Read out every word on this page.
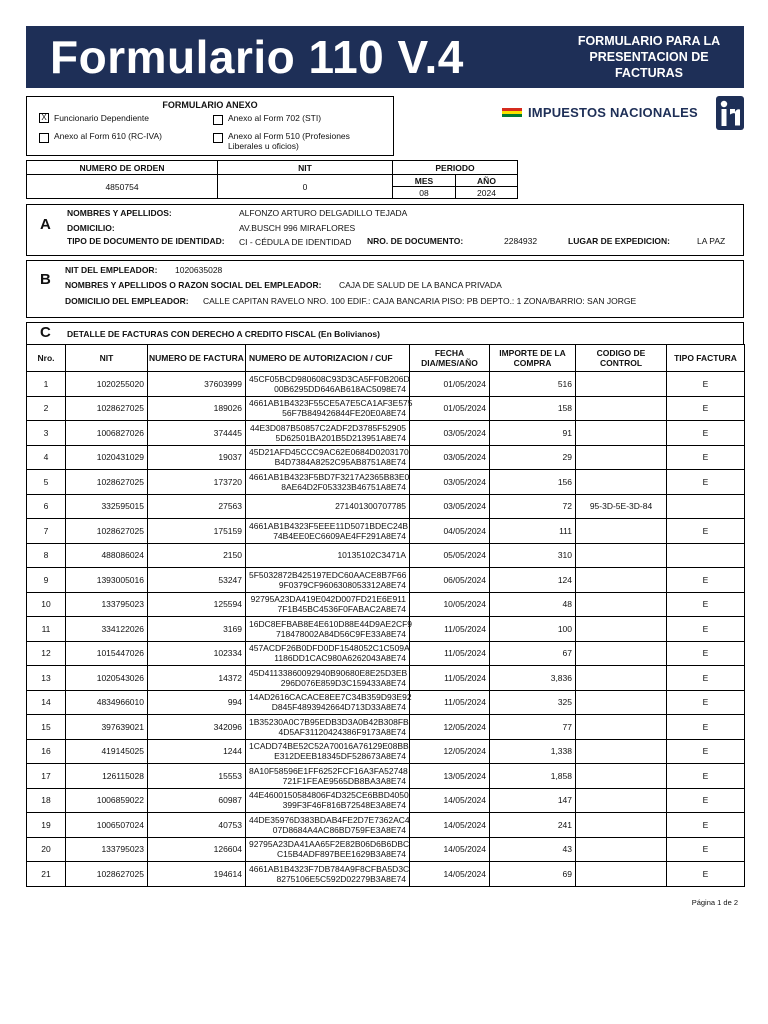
Formulario 110 V.4	FORMULARIO PARA LA PRESENTACION DE FACTURAS
FORMULARIO ANEXO
X Funcionario Dependiente	Anexo al Form 702 (STI)
Anexo al Form 610 (RC-IVA)	Anexo al Form 510 (Profesiones Liberales u oficios)
IMPUESTOS NACIONALES
NUMERO DE ORDEN	NIT	PERIODO	
4850754	0	MES	AÑO
		08	2024
A
NOMBRES Y APELLIDOS:	ALFONZO ARTURO DELGADILLO TEJADA
DOMICILIO:	AV.BUSCH 996 MIRAFLORES
TIPO DE DOCUMENTO DE IDENTIDAD: CI - CÉDULA DE IDENTIDAD NRO. DE DOCUMENTO:	2284932	LUGAR DE EXPEDICION:	LA PAZ
B
NIT DEL EMPLEADOR: 1020635028
NOMBRES Y APELLIDOS O RAZON SOCIAL DEL EMPLEADOR: CAJA DE SALUD DE LA BANCA PRIVADA
DOMICILIO DEL EMPLEADOR: CALLE CAPITAN RAVELO NRO. 100 EDIF.: CAJA BANCARIA PISO: PB DEPTO.: 1 ZONA/BARRIO: SAN JORGE
C DETALLE DE FACTURAS CON DERECHO A CREDITO FISCAL (En Bolivianos)
Nro.	NIT	NUMERO DE FACTURA	NUMERO DE AUTORIZACION / CUF	FECHA DIA/MES/AÑO	IMPORTE DE LA COMPRA	CODIGO DE CONTROL	TIPO FACTURA
1	1020255020	37603999	45CF05BCD980608C93D3CA5FF0B206D
00B6295DD646AB618AC5098E74	01/05/2024	516		E
2	1028627025	189026	4661AB1B4323F55CE5A7E5CA1AF3E575
56F7B849426844FE20E0A8E74	01/05/2024	158		E
3	1006827026	374445	44E3D087B50857C2ADF2D3785F52905
5D62501BA201B5D213951A8E74	03/05/2024	91		E
4	1020431029	19037	45D21AFD45CCC9AC62E0684D0203170
B4D7384A8252C95AB8751A8E74	03/05/2024	29		E
5	1028627025	173720	4661AB1B4323F5BD7F3217A2365B83E0
8AE64D2F053323B46751A8E74	03/05/2024	156		E
6	332595015	27563	271401300707785	03/05/2024	72	95-3D-5E-3D-84	
7	1028627025	175159	4661AB1B4323F5EEE11D5071BDEC24B
74B4EE0EC6609AE4FF291A8E74	04/05/2024	111		E
8	488086024	2150	10135102C3471A	05/05/2024	310		
9	1393005016	53247	5F5032872B425197EDC60AACE8B7F66
9F0379CF9606308053312A8E74	06/05/2024	124		E
10	133795023	125594	92795A23DA419E042D007FD21E6E911
7F1B45BC4536F0FABAC2A8E74	10/05/2024	48		E
11	334122026	3169	16DC8EFBAB8E4E610D88E44D9AE2CF9
718478002A84D56C9FE33A8E74	11/05/2024	100		E
12	1015447026	102334	457ACDF26B0DFD0DF1548052C1C509A
1186DD1CAC980A6262043A8E74	11/05/2024	67		E
13	1020543026	14372	45D41133860092940B90680E8E25D3EB
296D076E859D3C159433A8E74	11/05/2024	3,836		E
14	4834966010	994	14AD2616CACACE8EE7C34B359D93E92
D845F4893942664D713D33A8E74	11/05/2024	325		E
15	397639021	342096	1B35230A0C7B95EDB3D3A0B42B308FB
4D5AF31120424386F9173A8E74	12/05/2024	77		E
16	419145025	1244	1CADD74BE52C52A70016A76129E08BB
E312DEEB18345DF528673A8E74	12/05/2024	1,338		E
17	126115028	15553	8A10F58596E1FF6252FCF16A3FA52748
721F1FEAE9565DB8BA3A8E74	13/05/2024	1,858		E
18	1006859022	60987	44E4600150584806F4D325CE6BBD4050
399F3F46F816B72548E3A8E74	14/05/2024	147		E
19	1006507024	40753	44DE35976D383BDAB4FE2D7E7362AC4
07D8684A4AC86BD759FE3A8E74	14/05/2024	241		E
20	133795023	126604	92795A23DA41AA65F2E82B06D6B6DBC
C15B4ADF897BEE1629B3A8E74	14/05/2024	43		E
21	1028627025	194614	4661AB1B4323F7DB784A9F8CFBA5D3C
8275106E5C592D02279B3A8E74	14/05/2024	69		E
Página 1 de 2
